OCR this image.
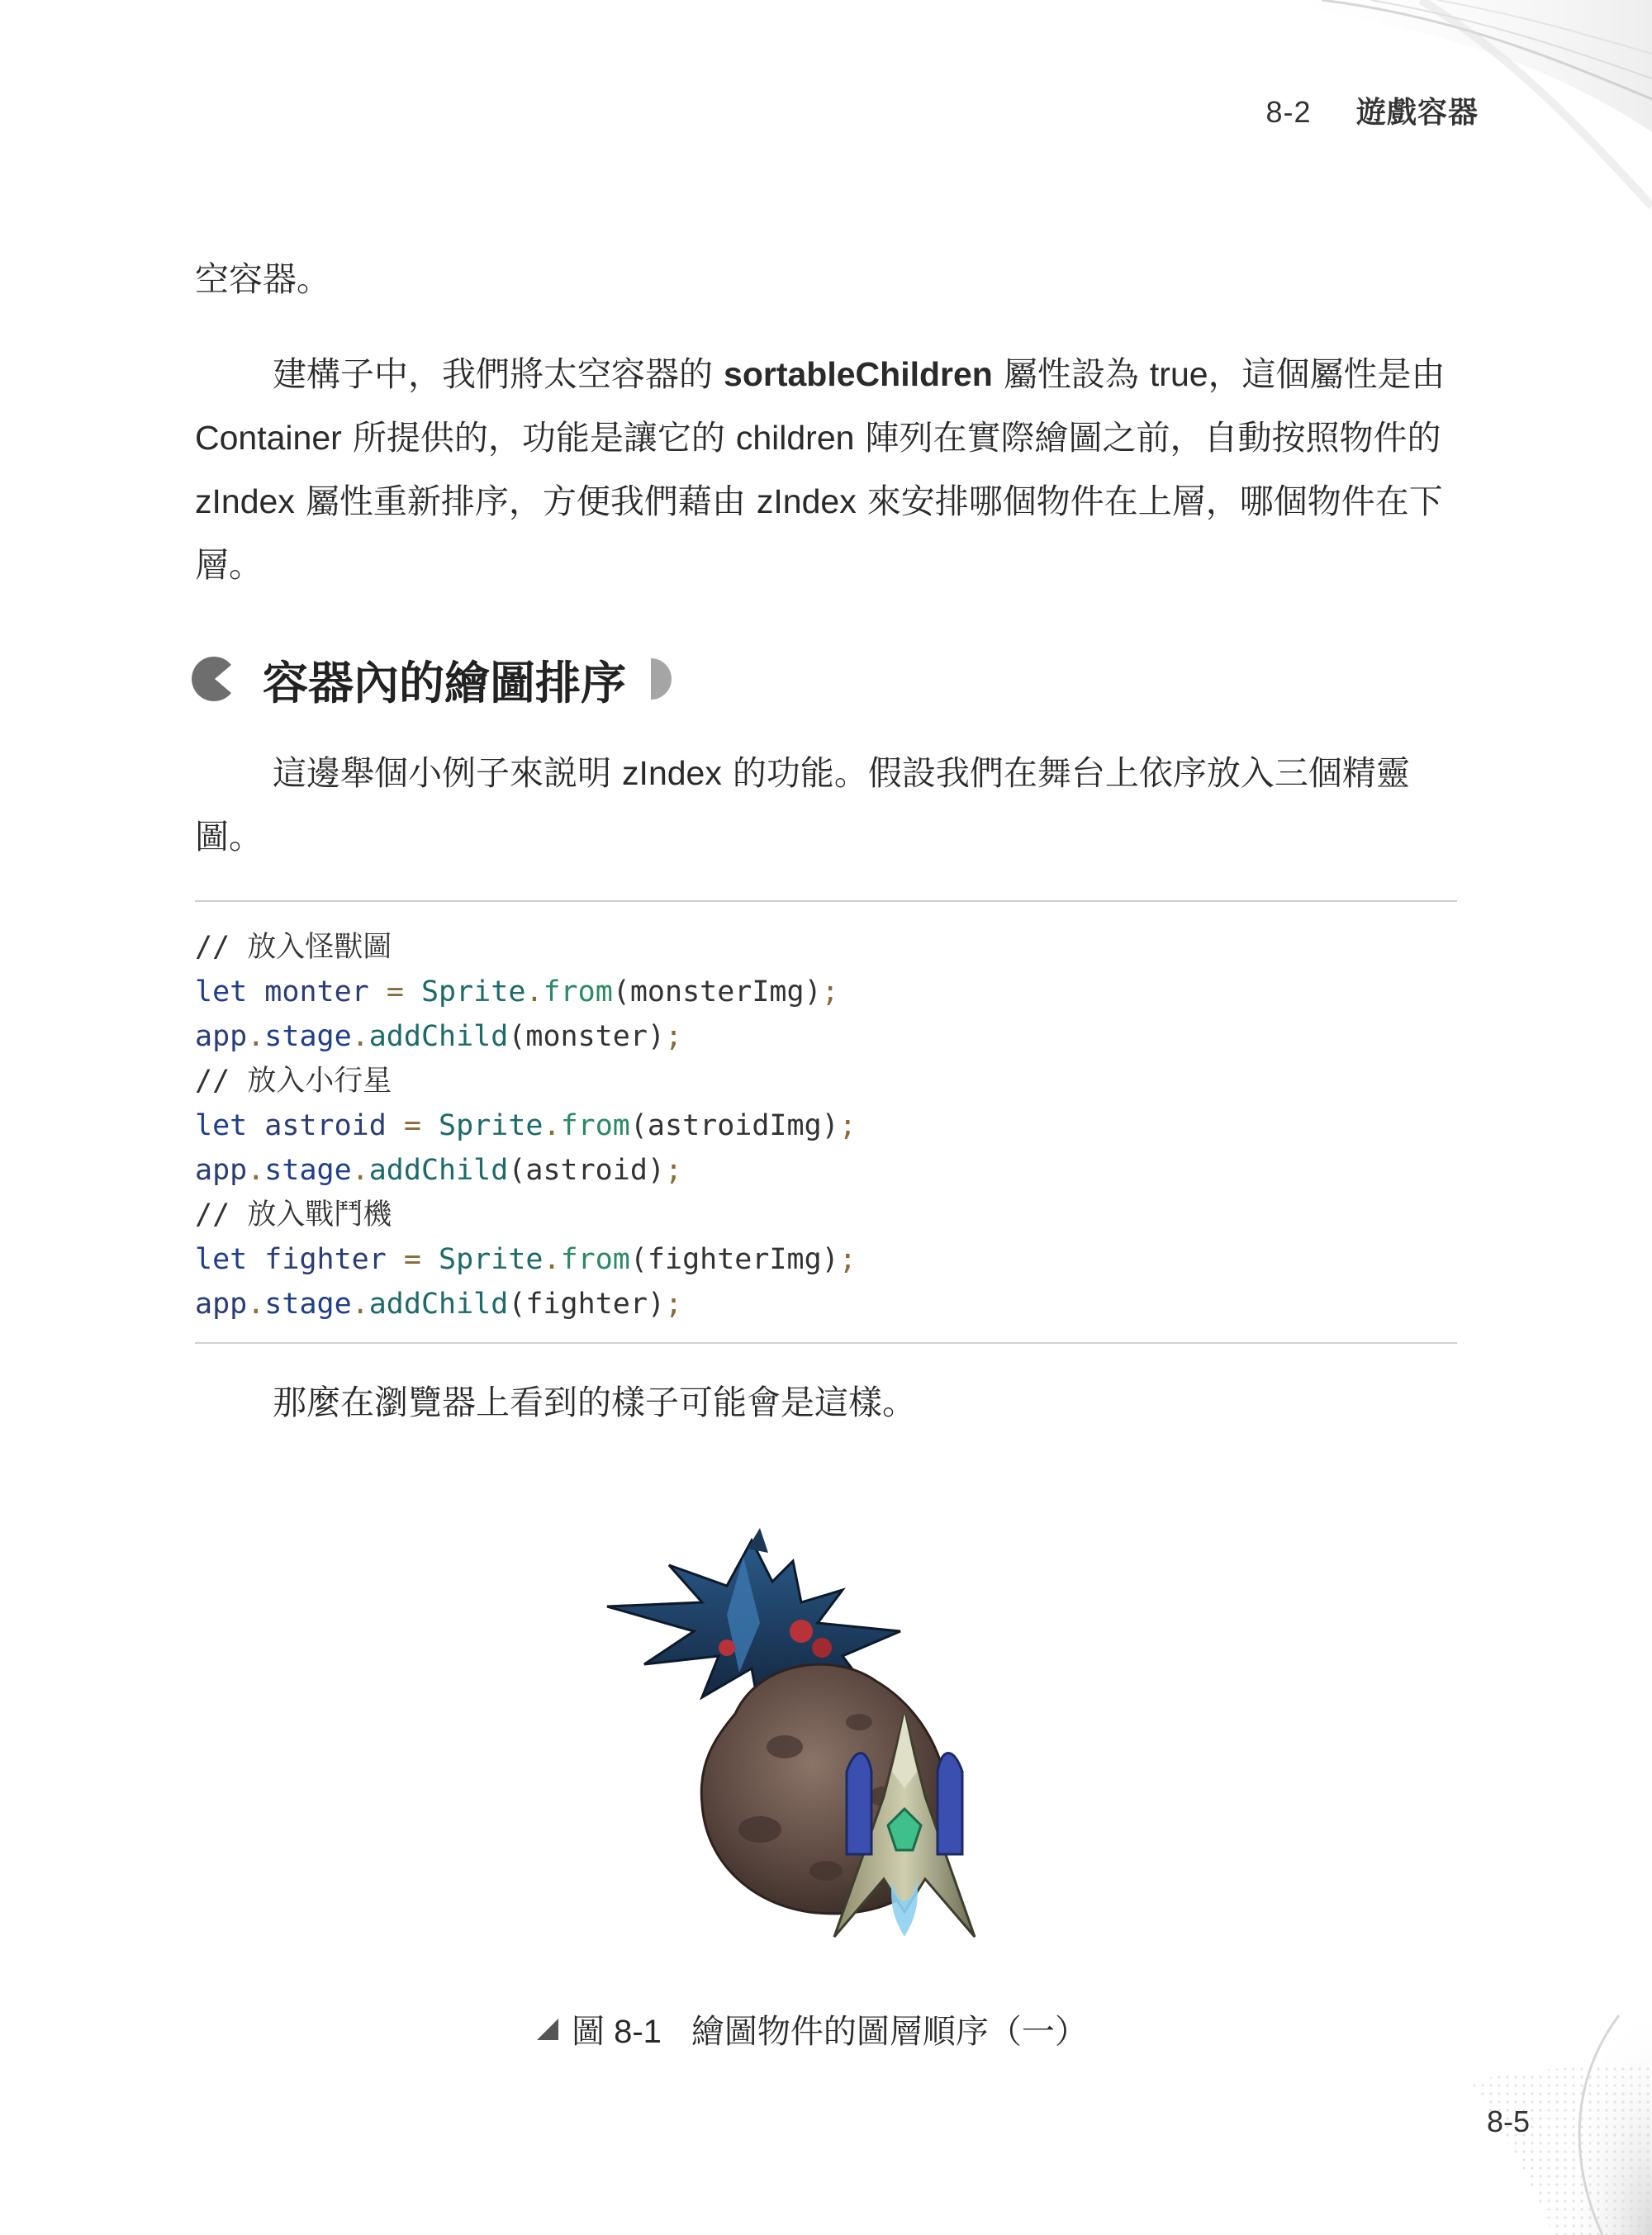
8-2 遊戲容器

空容器。

建構子中，我們將太空容器的 sortableChildren 屬性設為 true，這個屬性是由 Container 所提供的，功能是讓它的 children 陣列在實際繪圖之前，自動按照物件的 zIndex 屬性重新排序，方便我們藉由 zIndex 來安排哪個物件在上層，哪個物件在下層。

容器內的繪圖排序

這邊舉個小例子來説明 zIndex 的功能。假設我們在舞台上依序放入三個精靈圖。

// 放入怪獸圖
let monter = Sprite.from(monsterImg);
app.stage.addChild(monster);
// 放入小行星
let astroid = Sprite.from(astroidImg);
app.stage.addChild(astroid);
// 放入戰鬥機
let fighter = Sprite.from(fighterImg);
app.stage.addChild(fighter);

那麼在瀏覽器上看到的樣子可能會是這樣。

圖 8-1 繪圖物件的圖層順序（一）
8-5
